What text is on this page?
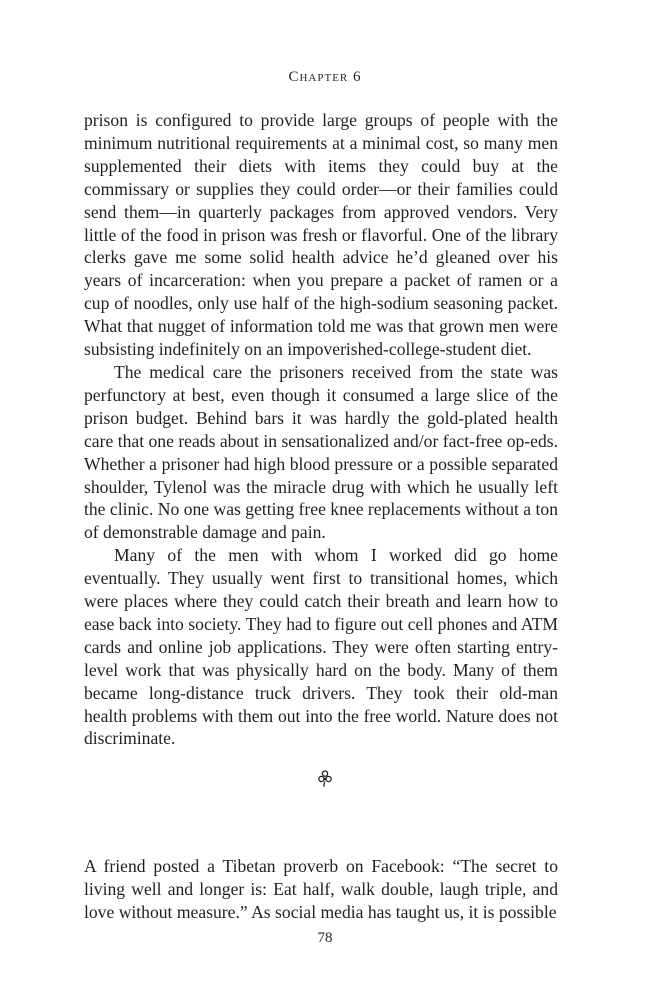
Chapter 6

prison is configured to provide large groups of people with the minimum nutritional requirements at a minimal cost, so many men supplemented their diets with items they could buy at the commissary or supplies they could order—or their families could send them—in quarterly packages from approved vendors. Very little of the food in prison was fresh or flavorful. One of the library clerks gave me some solid health advice he’d gleaned over his years of incarceration: when you prepare a packet of ramen or a cup of noodles, only use half of the high-sodium seasoning packet. What that nugget of information told me was that grown men were subsisting indefinitely on an impoverished-college-student diet.

The medical care the prisoners received from the state was perfunctory at best, even though it consumed a large slice of the prison budget. Behind bars it was hardly the gold-plated health care that one reads about in sensationalized and/or fact-free op-eds. Whether a prisoner had high blood pressure or a possible separated shoulder, Tylenol was the miracle drug with which he usually left the clinic. No one was getting free knee replacements without a ton of demonstrable damage and pain.

Many of the men with whom I worked did go home eventually. They usually went first to transitional homes, which were places where they could catch their breath and learn how to ease back into society. They had to figure out cell phones and ATM cards and online job applications. They were often starting entry-level work that was physically hard on the body. Many of them became long-distance truck drivers. They took their old-man health problems with them out into the free world. Nature does not discriminate.

A friend posted a Tibetan proverb on Facebook: “The secret to living well and longer is: Eat half, walk double, laugh triple, and love without measure.” As social media has taught us, it is possible

78
